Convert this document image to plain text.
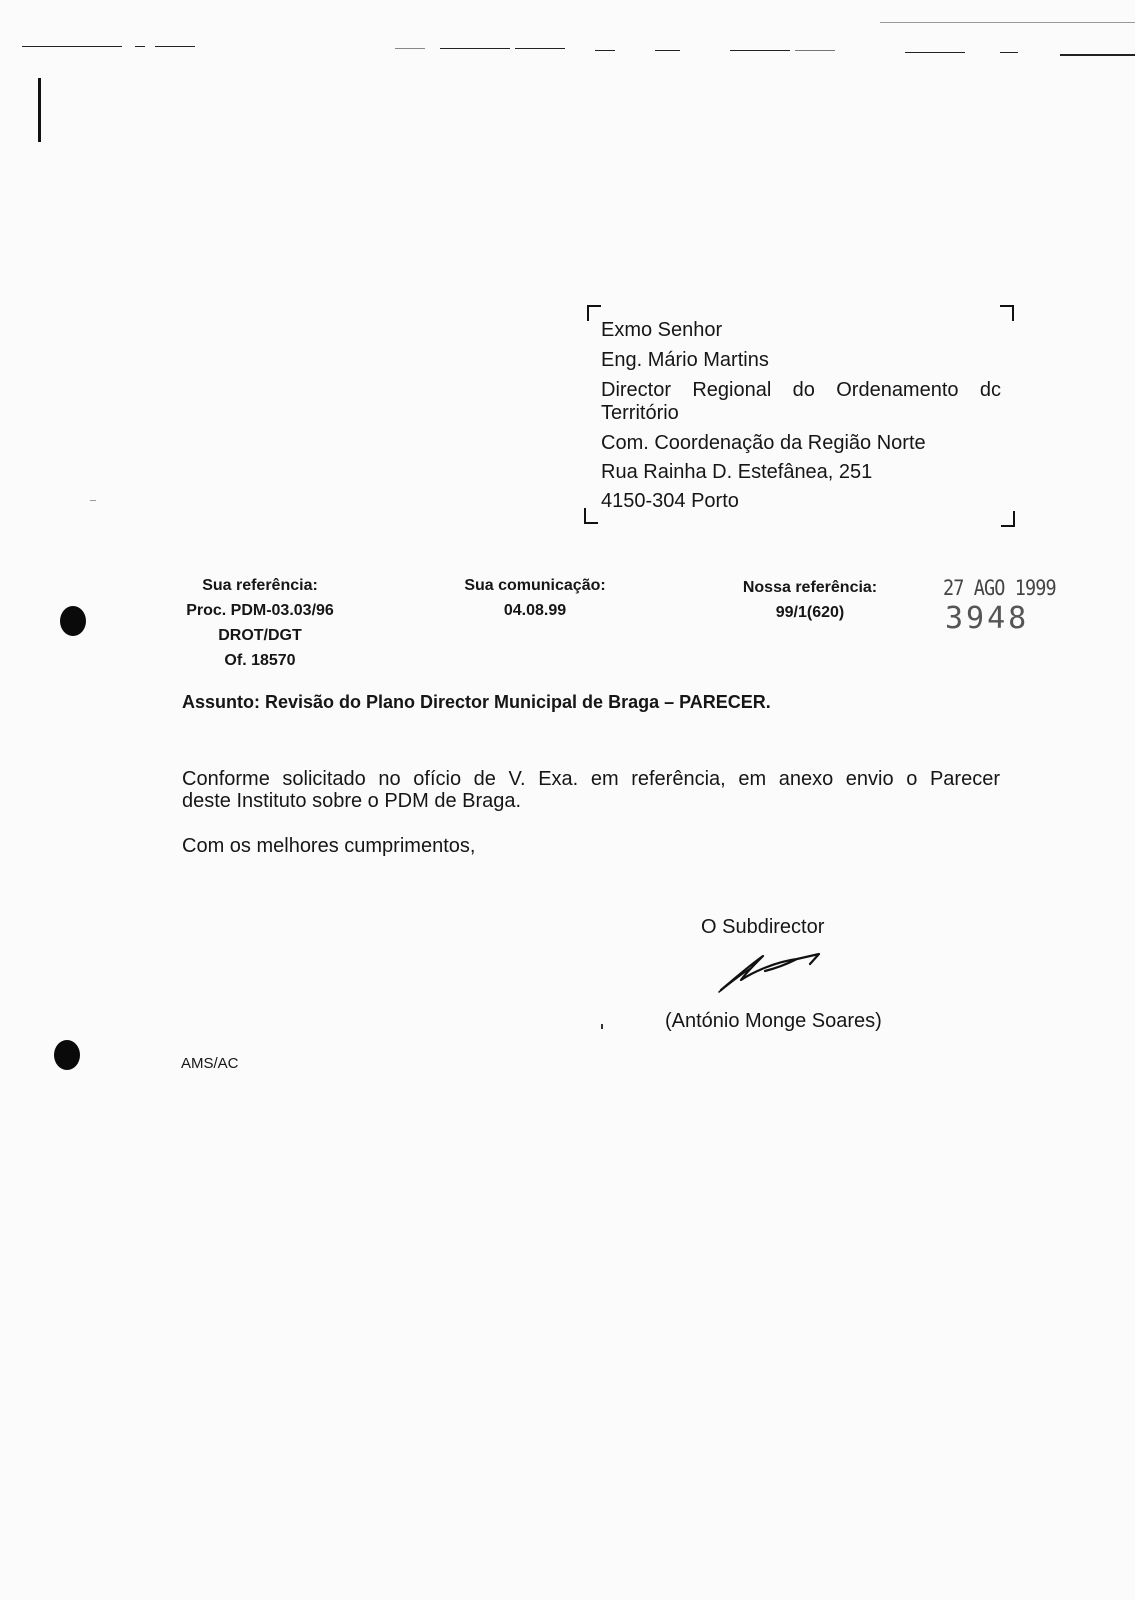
Exmo Senhor
Eng. Mário Martins
Director Regional do Ordenamento dc
Território
Com. Coordenação da Região Norte
Rua Rainha D. Estefânea, 251
4150-304 Porto
Sua referência:
Proc. PDM-03.03/96
DROT/DGT
Of. 18570
Sua comunicação:
04.08.99
Nossa referência:
99/1(620)
27 AGO 1999
3948
Assunto: Revisão do Plano Director Municipal de Braga – PARECER.
Conforme solicitado no ofício de V. Exa. em referência, em anexo envio o Parecer
deste Instituto sobre o PDM de Braga.
Com os melhores cumprimentos,
O Subdirector
(António Monge Soares)
AMS/AC
